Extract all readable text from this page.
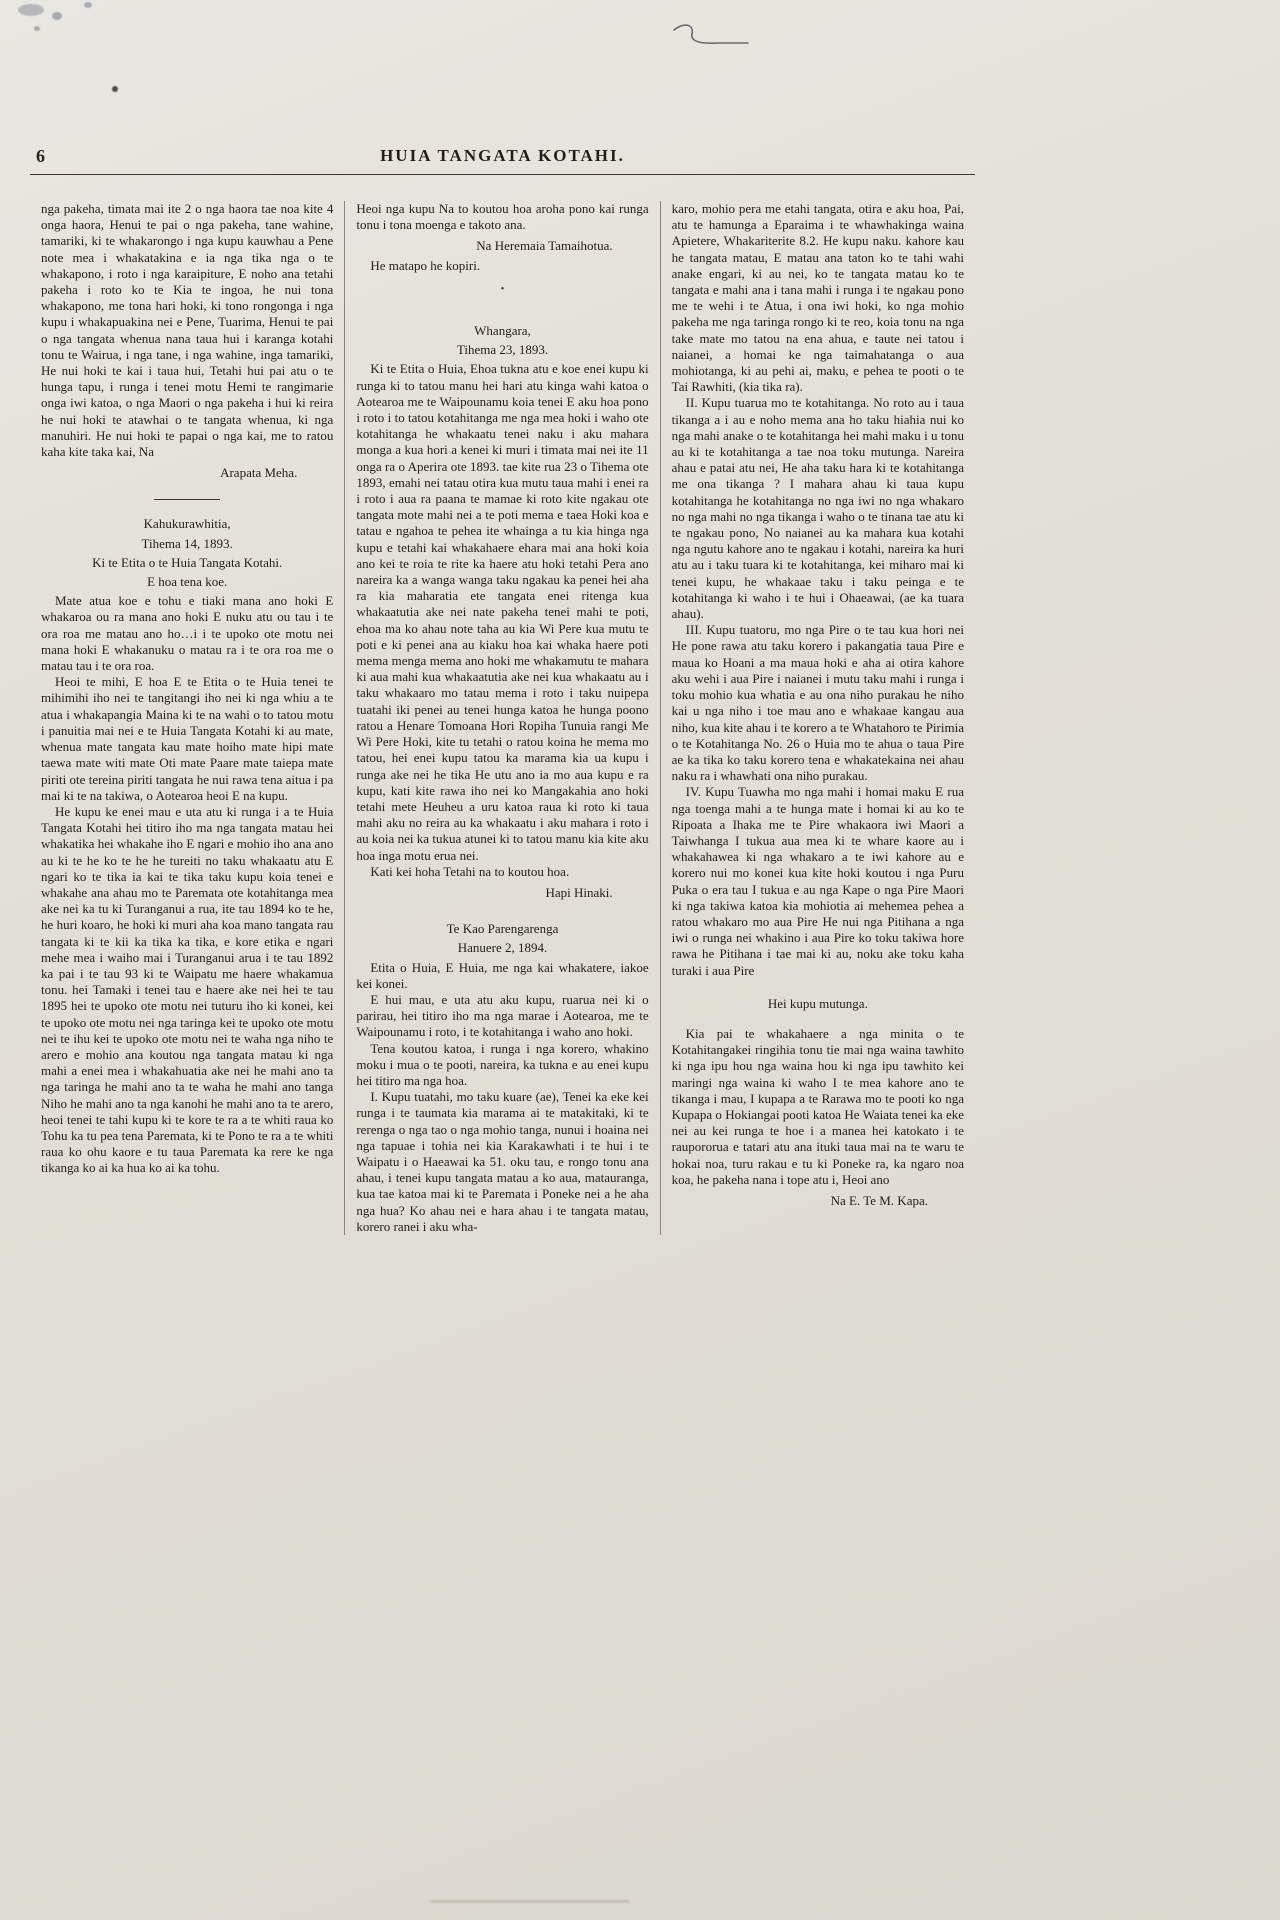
6	HUIA TANGATA KOTAHI.

nga pakeha, timata mai ite 2 o nga haora tae noa kite 4 onga haora, Henui te pai o nga pakeha, tane wahine, tamariki, ki te whakarongo i nga kupu kauwhau a Pene note mea i whakatakina e ia nga tika nga o te whakapono, i roto i nga karaipiture, E noho ana tetahi pakeha i roto ko te Kia te ingoa, he nui tona whakapono, me tona hari hoki, ki tono rongonga i nga kupu i whakapuakina nei e Pene, Tuarima, Henui te pai o nga tangata whenua nana taua hui i karanga kotahi tonu te Wairua, i nga tane, i nga wahine, inga tamariki, He nui hoki te kai i taua hui, Tetahi hui pai atu o te hunga tapu, i runga i tenei motu Hemi te rangimarie onga iwi katoa, o nga Maori o nga pakeha i hui ki reira he nui hoki te atawhai o te tangata whenua, ki nga manuhiri. He nui hoki te papai o nga kai, me to ratou kaha kite taka kai, Na

Arapata Meha.

Kahukurawhitia,

Tihema 14, 1893.

Ki te Etita o te Huia Tangata Kotahi.

E hoa tena koe.

Mate atua koe e tohu e tiaki mana ano hoki E whakaroa ou ra mana ano hoki E nuku atu ou tau i te ora roa me matau ano ho…i i te upoko ote motu nei mana hoki E whakanuku o matau ra i te ora roa me o matau tau i te ora roa.

Heoi te mihi, E hoa E te Etita o te Huia tenei te mihimihi iho nei te tangitangi iho nei ki nga whiu a te atua i whakapangia Maina ki te na wahi o to tatou motu i panuitia mai nei e te Huia Tangata Kotahi ki au mate, whenua mate tangata kau mate hoiho mate hipi mate taewa mate witi mate Oti mate Paare mate taiepa mate piriti ote tereina piriti tangata he nui rawa tena aitua i pa mai ki te na takiwa, o Aotearoa heoi E na kupu.

He kupu ke enei mau e uta atu ki runga i a te Huia Tangata Kotahi hei titiro iho ma nga tangata matau hei whakatika hei whakahe iho E ngari e mohio iho ana ano au ki te he ko te he he tureiti no taku whakaatu atu E ngari ko te tika ia kai te tika taku kupu koia tenei e whakahe ana ahau mo te Paremata ote kotahitanga mea ake nei ka tu ki Turanganui a rua, ite tau 1894 ko te he, he huri koaro, he hoki ki muri aha koa mano tangata rau tangata ki te kii ka tika ka tika, e kore etika e ngari mehe mea i waiho mai i Turanganui arua i te tau 1892 ka pai i te tau 93 ki te Waipatu me haere whakamua tonu. hei Tamaki i tenei tau e haere ake nei hei te tau 1895 hei te upoko ote motu nei tuturu iho ki konei, kei te upoko ote motu nei nga taringa kei te upoko ote motu nei te ihu kei te upoko ote motu nei te waha nga niho te arero e mohio ana koutou nga tangata matau ki nga mahi a enei mea i whakahuatia ake nei he mahi ano ta nga taringa he mahi ano ta te waha he mahi ano tanga Niho he mahi ano ta nga kanohi he mahi ano ta te arero, heoi tenei te tahi kupu ki te kore te ra a te whiti raua ko Tohu ka tu pea tena Paremata, ki te Pono te ra a te whiti raua ko ohu kaore e tu taua Paremata ka rere ke nga tikanga ko ai ka hua ko ai ka tohu.

Heoi nga kupu Na to koutou hoa aroha pono kai runga tonu i tona moenga e takoto ana.

Na Heremaia Tamaihotua.

He matapo he kopiri.

•

Whangara,

Tihema 23, 1893.

Ki te Etita o Huia, Ehoa tukna atu e koe enei kupu ki runga ki to tatou manu hei hari atu kinga wahi katoa o Aotearoa me te Waipounamu koia tenei E aku hoa pono i roto i to tatou kotahitanga me nga mea hoki i waho ote kotahitanga he whakaatu tenei naku i aku mahara monga a kua hori a kenei ki muri i timata mai nei ite 11 onga ra o Aperira ote 1893. tae kite rua 23 o Tihema ote 1893, emahi nei tatau otira kua mutu taua mahi i enei ra i roto i aua ra paana te mamae ki roto kite ngakau ote tangata mote mahi nei a te poti mema e taea Hoki koa e tatau e ngahoa te pehea ite whainga a tu kia hinga nga kupu e tetahi kai whakahaere ehara mai ana hoki koia ano kei te roia te rite ka haere atu hoki tetahi Pera ano nareira ka a wanga wanga taku ngakau ka penei hei aha ra kia maharatia ete tangata enei ritenga kua whakaatutia ake nei nate pakeha tenei mahi te poti, ehoa ma ko ahau note taha au kia Wi Pere kua mutu te poti e ki penei ana au kiaku hoa kai whaka haere poti mema menga mema ano hoki me whakamutu te mahara ki aua mahi kua whakaatutia ake nei kua whakaatu au i taku whakaaro mo tatau mema i roto i taku nuipepa tuatahi iki penei au tenei hunga katoa he hunga poono ratou a Henare Tomoana Hori Ropiha Tunuia rangi Me Wi Pere Hoki, kite tu tetahi o ratou koina he mema mo tatou, hei enei kupu tatou ka marama kia ua kupu i runga ake nei he tika He utu ano ia mo aua kupu e ra kupu, kati kite rawa iho nei ko Mangakahia ano hoki tetahi mete Heuheu a uru katoa raua ki roto ki taua mahi aku no reira au ka whakaatu i aku mahara i roto i au koia nei ka tukua atunei ki to tatou manu kia kite aku hoa inga motu erua nei.

Kati kei hoha Tetahi na to koutou hoa.

Hapi Hinaki.

Te Kao Parengarenga

Hanuere 2, 1894.

Etita o Huia, E Huia, me nga kai whakatere, iakoe kei konei.

E hui mau, e uta atu aku kupu, ruarua nei ki o parirau, hei titiro iho ma nga marae i Aotearoa, me te Waipounamu i roto, i te kotahitanga i waho ano hoki.

Tena koutou katoa, i runga i nga korero, whakino moku i mua o te pooti, nareira, ka tukna e au enei kupu hei titiro ma nga hoa.

I. Kupu tuatahi, mo taku kuare (ae), Tenei ka eke kei runga i te taumata kia marama ai te matakitaki, ki te rerenga o nga tao o nga mohio tanga, nunui i hoaina nei nga tapuae i tohia nei kia Karakawhati i te hui i te Waipatu i o Haeawai ka 51. oku tau, e rongo tonu ana ahau, i tenei kupu tangata matau a ko aua, matauranga, kua tae katoa mai ki te Paremata i Poneke nei a he aha nga hua? Ko ahau nei e hara ahau i te tangata matau, korero ranei i aku wha-

karo, mohio pera me etahi tangata, otira e aku hoa, Pai, atu te hamunga a Eparaima i te whawhakinga waina Apietere, Whakariterite 8.2. He kupu naku. kahore kau he tangata matau, E matau ana taton ko te tahi wahi anake engari, ki au nei, ko te tangata matau ko te tangata e mahi ana i tana mahi i runga i te ngakau pono me te wehi i te Atua, i ona iwi hoki, ko nga mohio pakeha me nga taringa rongo ki te reo, koia tonu na nga take mate mo tatou na ena ahua, e taute nei tatou i naianei, a homai ke nga taimahatanga o aua mohiotanga, ki au pehi ai, maku, e pehea te pooti o te Tai Rawhiti, (kia tika ra).

II. Kupu tuarua mo te kotahitanga. No roto au i taua tikanga a i au e noho mema ana ho taku hiahia nui ko nga mahi anake o te kotahitanga hei mahi maku i u tonu au ki te kotahitanga a tae noa toku mutunga. Nareira ahau e patai atu nei, He aha taku hara ki te kotahitanga me ona tikanga ? I mahara ahau ki taua kupu kotahitanga he kotahitanga no nga iwi no nga whakaro no nga mahi no nga tikanga i waho o te tinana tae atu ki te ngakau pono, No naianei au ka mahara kua kotahi nga ngutu kahore ano te ngakau i kotahi, nareira ka huri atu au i taku tuara ki te kotahitanga, kei miharo mai ki tenei kupu, he whakaae taku i taku peinga e te kotahitanga ki waho i te hui i Ohaeawai, (ae ka tuara ahau).

III. Kupu tuatoru, mo nga Pire o te tau kua hori nei He pone rawa atu taku korero i pakangatia taua Pire e maua ko Hoani a ma maua hoki e aha ai otira kahore aku wehi i aua Pire i naianei i mutu taku mahi i runga i toku mohio kua whatia e au ona niho purakau he niho kai u nga niho i toe mau ano e whakaae kangau aua niho, kua kite ahau i te korero a te Whatahoro te Pirimia o te Kotahitanga No. 26 o Huia mo te ahua o taua Pire ae ka tika ko taku korero tena e whakatekaina nei ahau naku ra i whawhati ona niho purakau.

IV. Kupu Tuawha mo nga mahi i homai maku E rua nga toenga mahi a te hunga mate i homai ki au ko te Ripoata a Ihaka me te Pire whakaora iwi Maori a Taiwhanga I tukua aua mea ki te whare kaore au i whakahawea ki nga whakaro a te iwi kahore au e korero nui mo konei kua kite hoki koutou i nga Puru Puka o era tau I tukua e au nga Kape o nga Pire Maori ki nga takiwa katoa kia mohiotia ai mehemea pehea a ratou whakaro mo aua Pire He nui nga Pitihana a nga iwi o runga nei whakino i aua Pire ko toku takiwa hore rawa he Pitihana i tae mai ki au, noku ake toku kaha turaki i aua Pire

Hei kupu mutunga.

Kia pai te whakahaere a nga minita o te Kotahitangakei ringihia tonu tie mai nga waina tawhito ki nga ipu hou nga waina hou ki nga ipu tawhito kei maringi nga waina ki waho I te mea kahore ano te tikanga i mau, I kupapa a te Rarawa mo te pooti ko nga Kupapa o Hokiangai pooti katoa He Waiata tenei ka eke nei au kei runga te hoe i a manea hei katokato i te raupororua e tatari atu ana ituki taua mai na te waru te hokai noa, turu rakau e tu ki Poneke ra, ka ngaro noa koa, he pakeha nana i tope atu i, Heoi ano

Na E. Te M. Kapa.
